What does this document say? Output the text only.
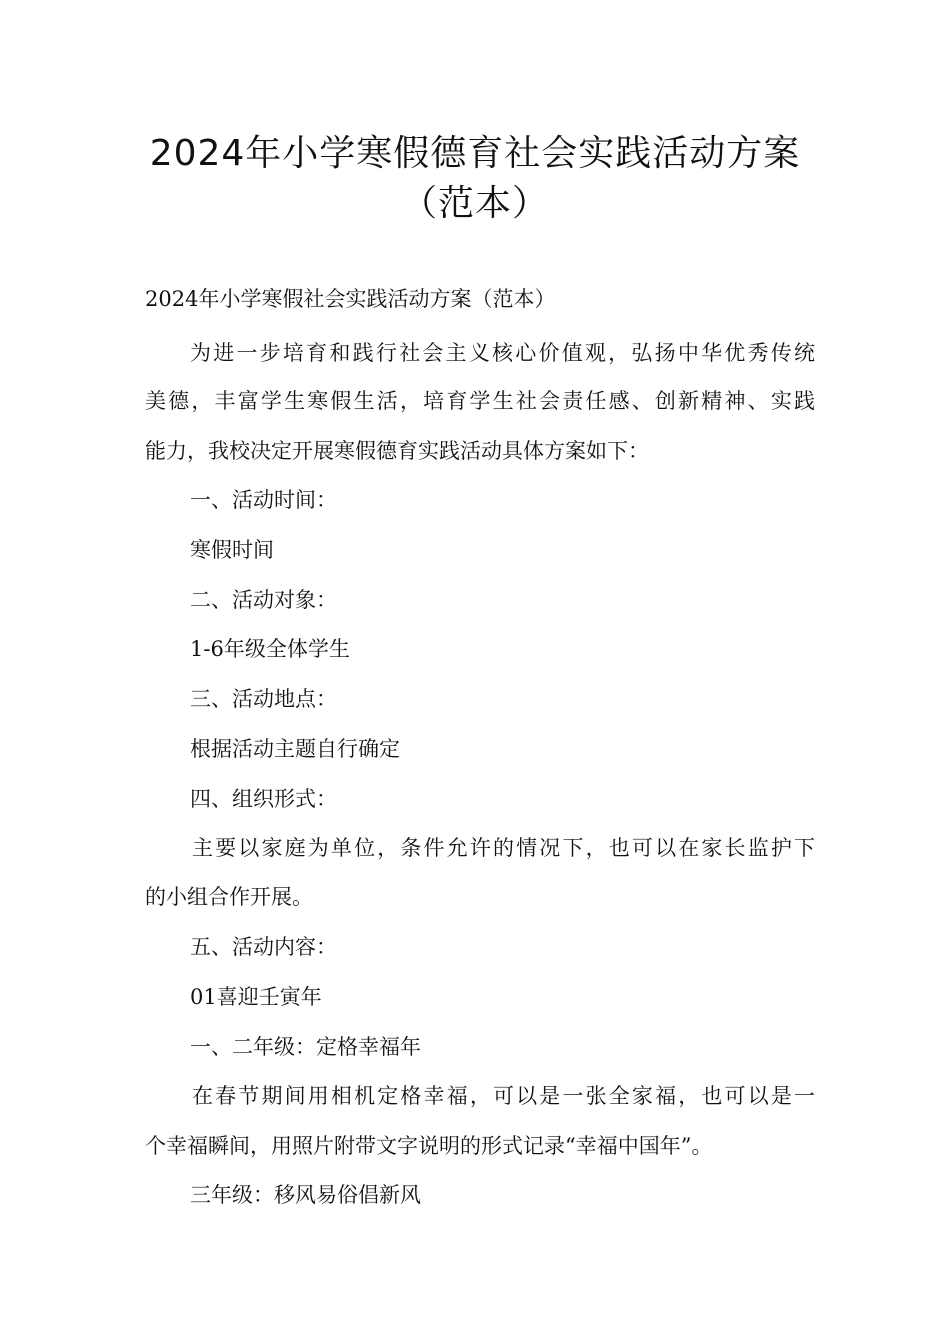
2024年小学寒假德育社会实践活动方案
（范本）
2024年小学寒假社会实践活动方案（范本）
为进一步培育和践行社会主义核心价值观，弘扬中华优秀传统
美德，丰富学生寒假生活，培育学生社会责任感、创新精神、实践
能力，我校决定开展寒假德育实践活动具体方案如下：
一、活动时间：
寒假时间
二、活动对象：
1-6年级全体学生
三、活动地点：
根据活动主题自行确定
四、组织形式：
主要以家庭为单位，条件允许的情况下，也可以在家长监护下
的小组合作开展。
五、活动内容：
01喜迎壬寅年
一、二年级：定格幸福年
在春节期间用相机定格幸福，可以是一张全家福，也可以是一
个幸福瞬间，用照片附带文字说明的形式记录“幸福中国年”。
三年级：移风易俗倡新风
